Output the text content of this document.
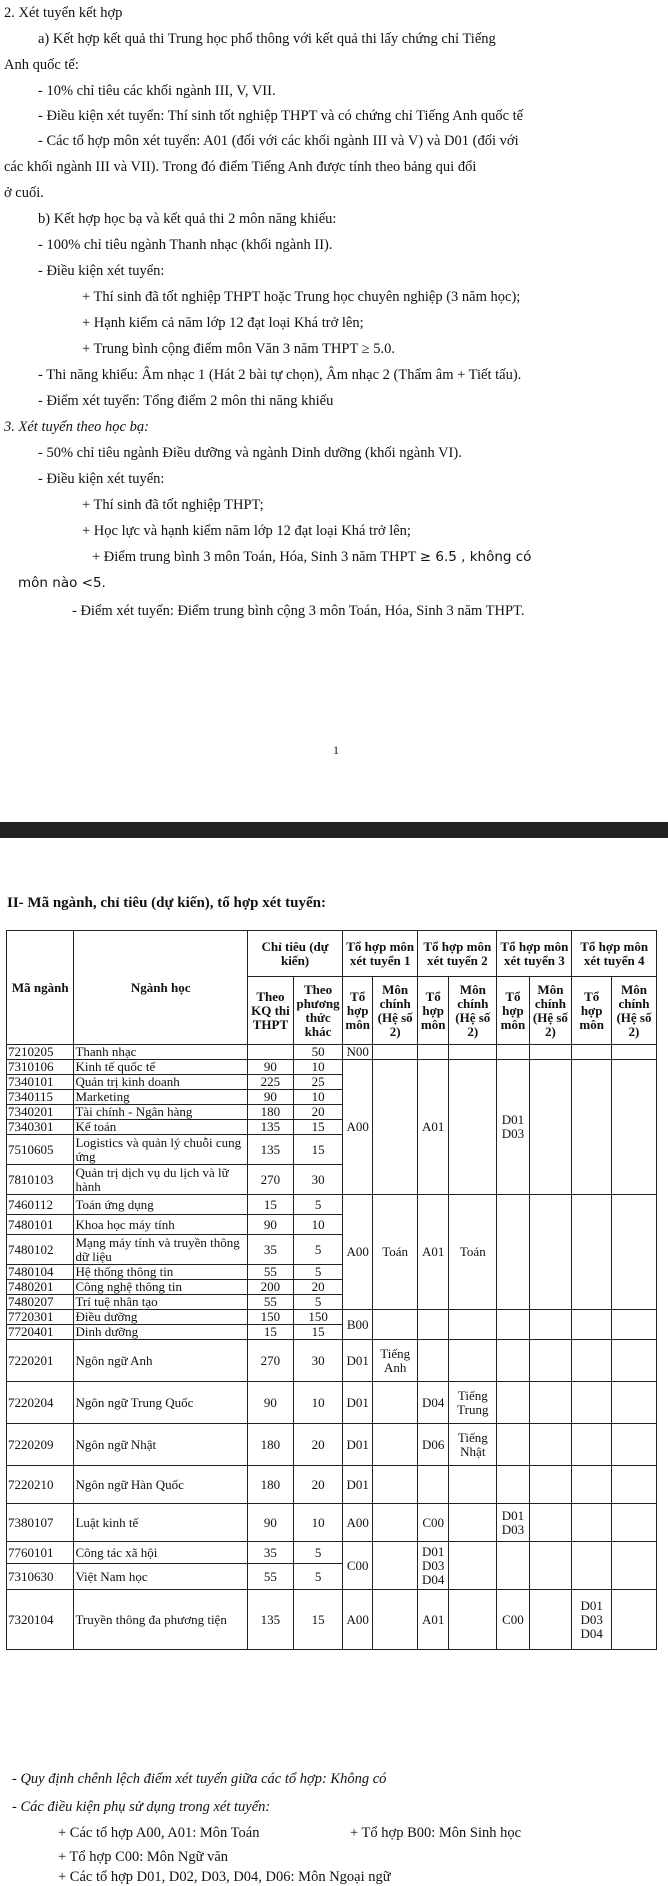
2. Xét tuyển kết hợp
a) Kết hợp kết quả thi Trung học phổ thông với kết quả thi lấy chứng chỉ Tiếng
Anh quốc tế:
- 10% chỉ tiêu các khối ngành III, V, VII.
- Điều kiện xét tuyển: Thí sinh tốt nghiệp THPT và có chứng chỉ Tiếng Anh quốc tế
- Các tổ hợp môn xét tuyển: A01 (đối với các khối ngành III và V) và D01 (đối với
các khối ngành III và VII). Trong đó điểm Tiếng Anh được tính theo bảng qui đổi
ở cuối.
b) Kết hợp học bạ và kết quả thi 2 môn năng khiếu:
- 100% chỉ tiêu ngành Thanh nhạc (khối ngành II).
- Điều kiện xét tuyển:
+ Thí sinh đã tốt nghiệp THPT hoặc Trung học chuyên nghiệp (3 năm học);
+ Hạnh kiểm cả năm lớp 12 đạt loại Khá trở lên;
+ Trung bình cộng điểm môn Văn 3 năm THPT ≥ 5.0.
- Thi năng khiếu: Âm nhạc 1 (Hát 2 bài tự chọn), Âm nhạc 2 (Thẩm âm + Tiết tấu).
- Điểm xét tuyển: Tổng điểm 2 môn thi năng khiếu
3. Xét tuyển theo học bạ:
- 50% chỉ tiêu ngành Điều dưỡng và ngành Dinh dưỡng (khối ngành VI).
- Điều kiện xét tuyển:
+ Thí sinh đã tốt nghiệp THPT;
+ Học lực và hạnh kiểm năm lớp 12 đạt loại Khá trở lên;
+ Điểm trung bình 3 môn Toán, Hóa, Sinh 3 năm THPT ≥ 6.5 , không có
môn nào <5.
- Điểm xét tuyển: Điểm trung bình cộng 3 môn Toán, Hóa, Sinh 3 năm THPT.
1
II- Mã ngành, chỉ tiêu (dự kiến), tổ hợp xét tuyển:
Mã ngành	Ngành học	Chỉ tiêu (dự kiến)		Tổ hợp môn xét tuyển 1		Tổ hợp môn xét tuyển 2		Tổ hợp môn xét tuyển 3		Tổ hợp môn xét tuyển 4	
		Theo KQ thi THPT	Theo phương thức khác	Tổ hợp môn	Môn chính (Hệ số 2)	Tổ hợp môn	Môn chính (Hệ số 2)	Tổ hợp môn	Môn chính (Hệ số 2)	Tổ hợp môn	Môn chính (Hệ số 2)
7210205	Thanh nhạc		50	N00							
7310106	Kinh tế quốc tế	90	10	A00		A01		D01 D03			
7340101	Quản trị kinh doanh	225	25								
7340115	Marketing	90	10								
7340201	Tài chính - Ngân hàng	180	20								
7340301	Kế toán	135	15								
7510605	Logistics và quản lý chuỗi cung ứng	135	15								
7810103	Quản trị dịch vụ du lịch và lữ hành	270	30								
7460112	Toán ứng dụng	15	5	A00	Toán	A01	Toán				
7480101	Khoa học máy tính	90	10								
7480102	Mạng máy tính và truyền thông dữ liệu	35	5								
7480104	Hệ thống thông tin	55	5								
7480201	Công nghệ thông tin	200	20								
7480207	Trí tuệ nhân tạo	55	5								
7720301	Điều dưỡng	150	150	B00							
7720401	Dinh dưỡng	15	15								
7220201	Ngôn ngữ Anh	270	30	D01	Tiếng Anh						
7220204	Ngôn ngữ Trung Quốc	90	10	D01		D04	Tiếng Trung				
7220209	Ngôn ngữ Nhật	180	20	D01		D06	Tiếng Nhật				
7220210	Ngôn ngữ Hàn Quốc	180	20	D01							
7380107	Luật kinh tế	90	10	A00		C00		D01 D03			
7760101	Công tác xã hội	35	5	C00		D01 D03 D04					
7310630	Việt Nam học	55	5								
7320104	Truyền thông đa phương tiện	135	15	A00		A01		C00		D01 D03 D04	
- Quy định chênh lệch điểm xét tuyển giữa các tổ hợp: Không có
- Các điều kiện phụ sử dụng trong xét tuyển:
+ Các tổ hợp A00, A01: Môn Toán	+ Tổ hợp B00: Môn Sinh học
+ Tổ hợp C00: Môn Ngữ văn
+ Các tổ hợp D01, D02, D03, D04, D06: Môn Ngoại ngữ
